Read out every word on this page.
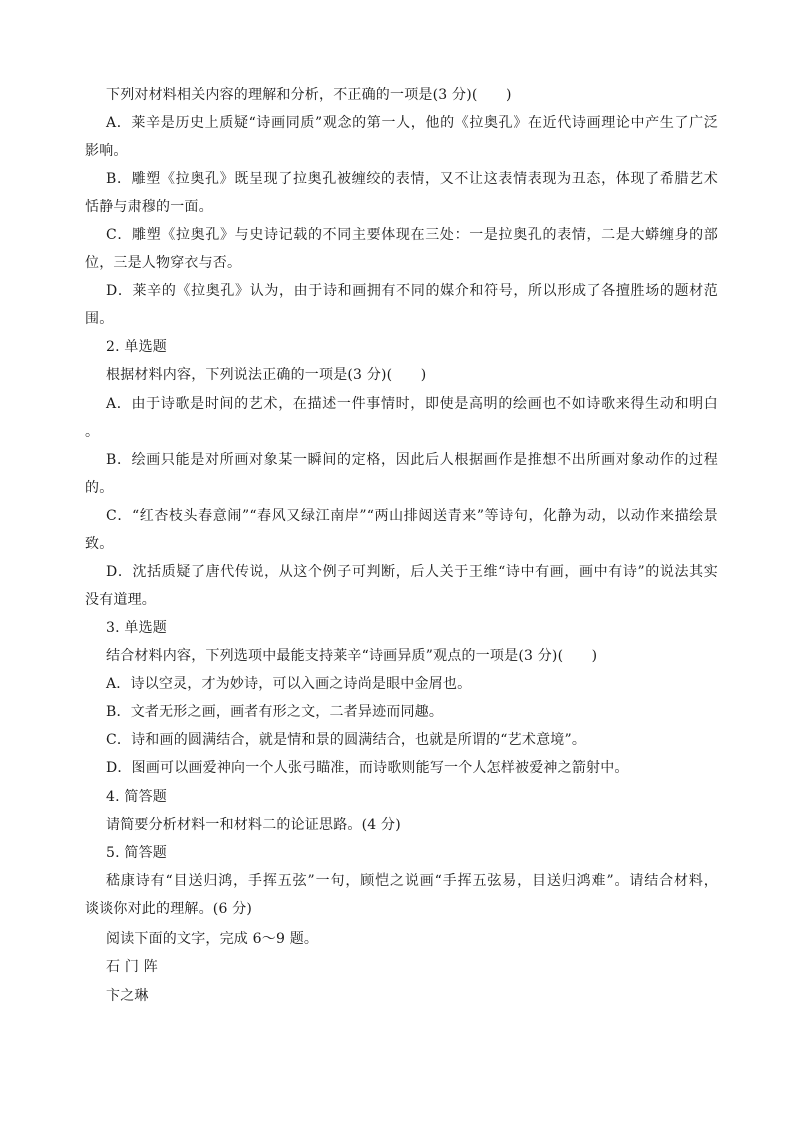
下列对材料相关内容的理解和分析，不正确的一项是(3 分)(　　)
A．莱辛是历史上质疑“诗画同质”观念的第一人，他的《拉奥孔》在近代诗画理论中产生了广泛
影响。
B．雕塑《拉奥孔》既呈现了拉奥孔被缠绞的表情，又不让这表情表现为丑态，体现了希腊艺术
恬静与肃穆的一面。
C．雕塑《拉奥孔》与史诗记载的不同主要体现在三处：一是拉奥孔的表情，二是大蟒缠身的部
位，三是人物穿衣与否。
D．莱辛的《拉奥孔》认为，由于诗和画拥有不同的媒介和符号，所以形成了各擅胜场的题材范
围。
2. 单选题
根据材料内容，下列说法正确的一项是(3 分)(　　)
A．由于诗歌是时间的艺术，在描述一件事情时，即使是高明的绘画也不如诗歌来得生动和明白
。
B．绘画只能是对所画对象某一瞬间的定格，因此后人根据画作是推想不出所画对象动作的过程
的。
C．“红杏枝头春意闹”“春风又绿江南岸”“两山排闼送青来”等诗句，化静为动，以动作来描绘景
致。
D．沈括质疑了唐代传说，从这个例子可判断，后人关于王维“诗中有画，画中有诗”的说法其实
没有道理。
3. 单选题
结合材料内容，下列选项中最能支持莱辛“诗画异质”观点的一项是(3 分)(　　)
A．诗以空灵，才为妙诗，可以入画之诗尚是眼中金屑也。
B．文者无形之画，画者有形之文，二者异迹而同趣。
C．诗和画的圆满结合，就是情和景的圆满结合，也就是所谓的“艺术意境”。
D．图画可以画爱神向一个人张弓瞄准，而诗歌则能写一个人怎样被爱神之箭射中。
4. 简答题
请简要分析材料一和材料二的论证思路。(4 分)
5. 简答题
嵇康诗有“目送归鸿，手挥五弦”一句，顾恺之说画“手挥五弦易，目送归鸿难”。请结合材料，
谈谈你对此的理解。(6 分)
阅读下面的文字，完成 6～9 题。
石 门 阵
卞之琳
